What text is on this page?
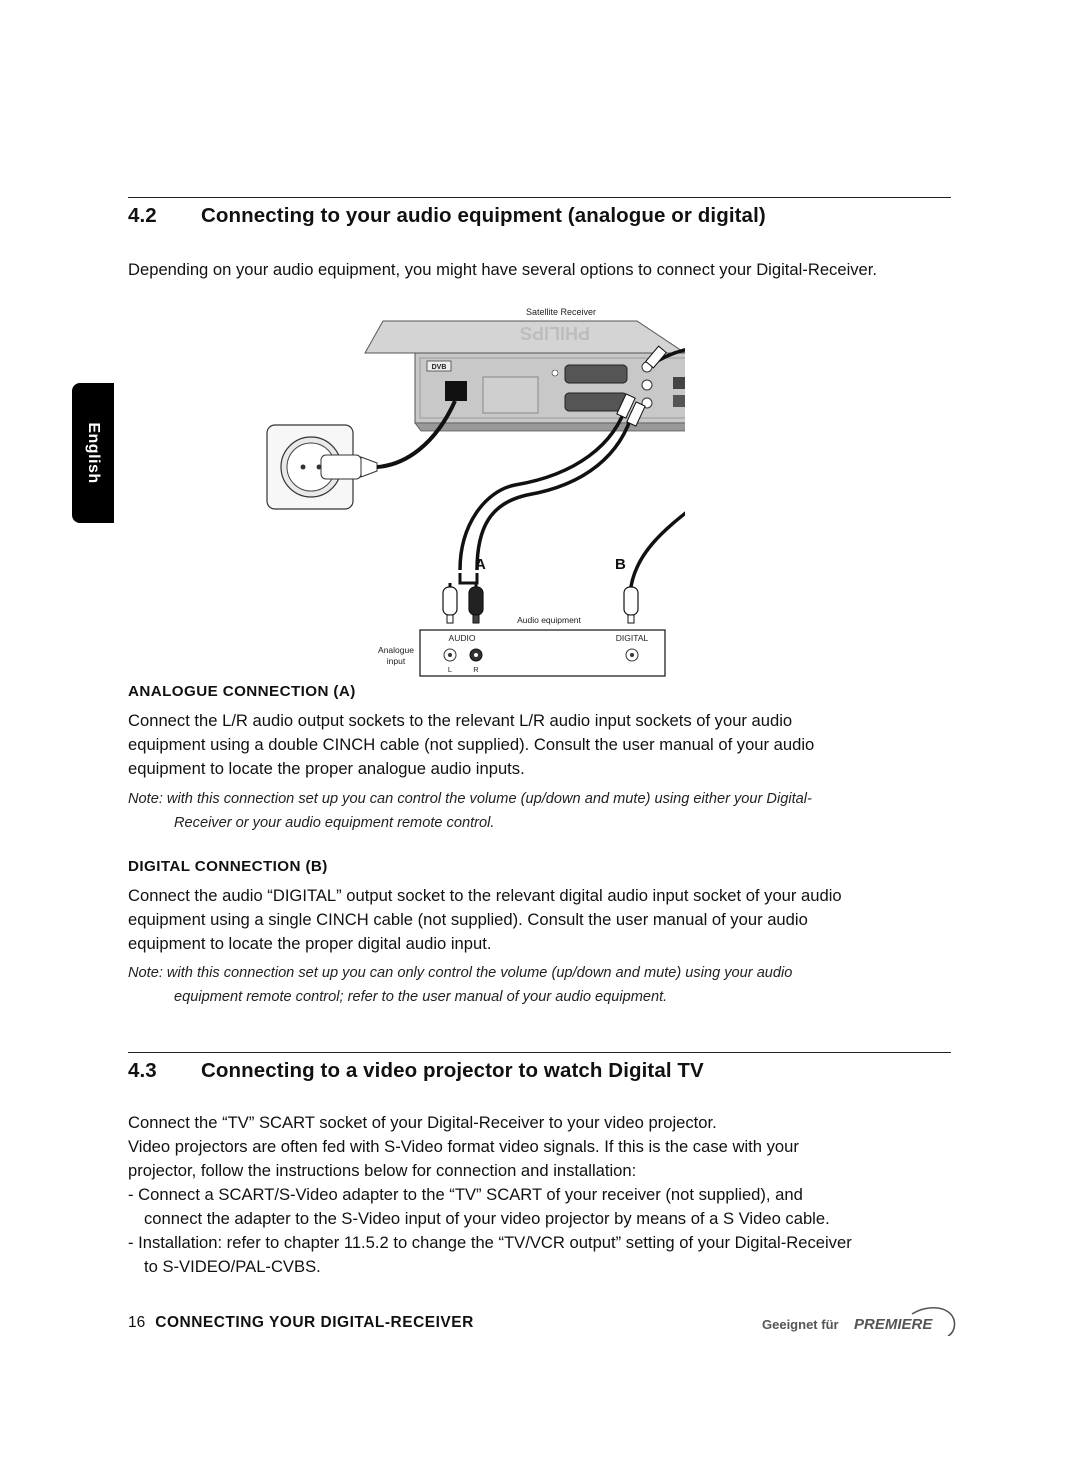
English
4.2 Connecting to your audio equipment (analogue or digital)
Depending on your audio equipment, you might have several options to connect your Digital-Receiver.
Satellite Receiver
PHILIPS
DVB
A	B
Audio equipment
AUDIO	DIGITAL
L	R
Analogue
input
ANALOGUE CONNECTION (A)
Connect the L/R audio output sockets to the relevant L/R audio input sockets of your audio
equipment using a double CINCH cable (not supplied). Consult the user manual of your audio
equipment to locate the proper analogue audio inputs.
Note: with this connection set up you can control the volume (up/down and mute) using either your Digital-
Receiver or your audio equipment remote control.
DIGITAL CONNECTION (B)
Connect the audio “DIGITAL” output socket to the relevant digital audio input socket of your audio
equipment using a single CINCH cable (not supplied). Consult the user manual of your audio
equipment to locate the proper digital audio input.
Note: with this connection set up you can only control the volume (up/down and mute) using your audio
equipment remote control; refer to the user manual of your audio equipment.
4.3 Connecting to a video projector to watch Digital TV
Connect the “TV” SCART socket of your Digital-Receiver to your video projector.
Video projectors are often fed with S-Video format video signals. If this is the case with your
projector, follow the instructions below for connection and installation:
- Connect a SCART/S-Video adapter to the “TV” SCART of your receiver (not supplied), and
connect the adapter to the S-Video input of your video projector by means of a S Video cable.
- Installation: refer to chapter 11.5.2 to change the “TV/VCR output” setting of your Digital-Receiver
to S-VIDEO/PAL-CVBS.
16 CONNECTING YOUR DIGITAL-RECEIVER	Geeignet für PREMIERE
